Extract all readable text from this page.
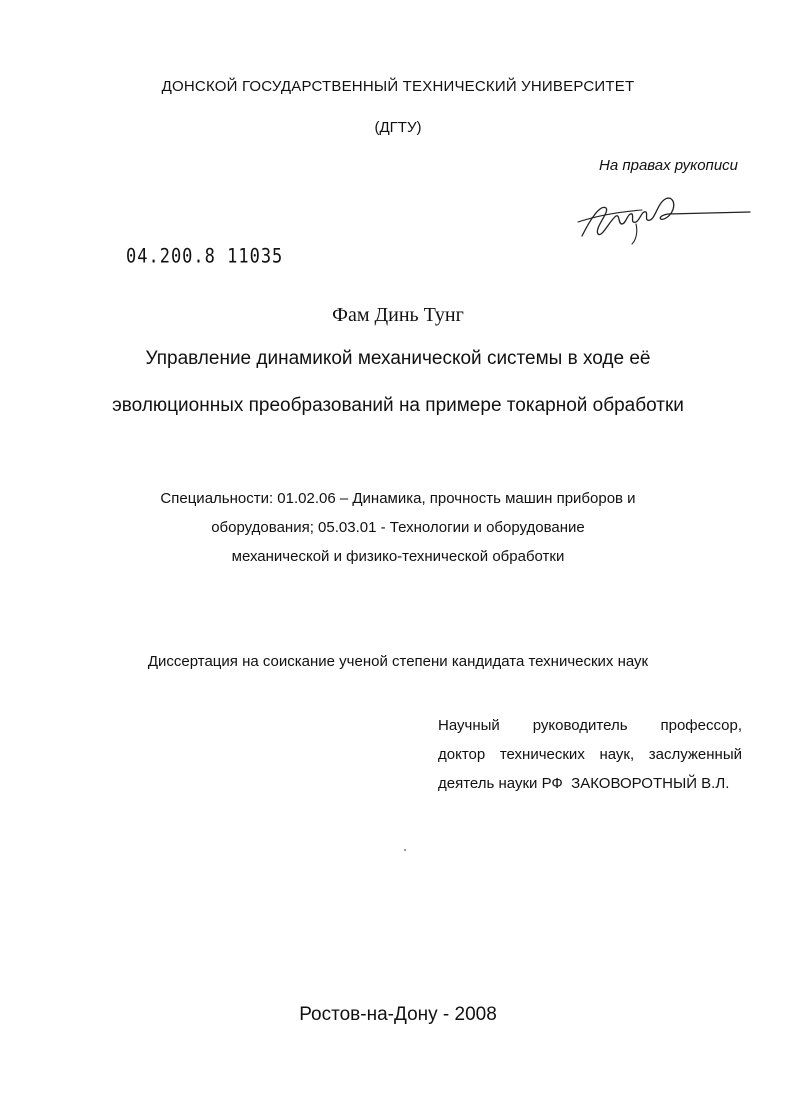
ДОНСКОЙ ГОСУДАРСТВЕННЫЙ ТЕХНИЧЕСКИЙ УНИВЕРСИТЕТ
(ДГТУ)
На правах рукописи
04.200.8 11035
Фам Динь Тунг
Управление динамикой механической системы в ходе её
эволюционных преобразований на примере токарной обработки
Специальности: 01.02.06 – Динамика, прочность машин приборов и
оборудования; 05.03.01 - Технологии и оборудование
механической и физико-технической обработки
Диссертация на соискание ученой степени кандидата технических наук
Научный руководитель профессор,
доктор технических наук, заслуженный
деятель науки РФ  ЗАКОВОРОТНЫЙ В.Л.
Ростов-на-Дону - 2008
